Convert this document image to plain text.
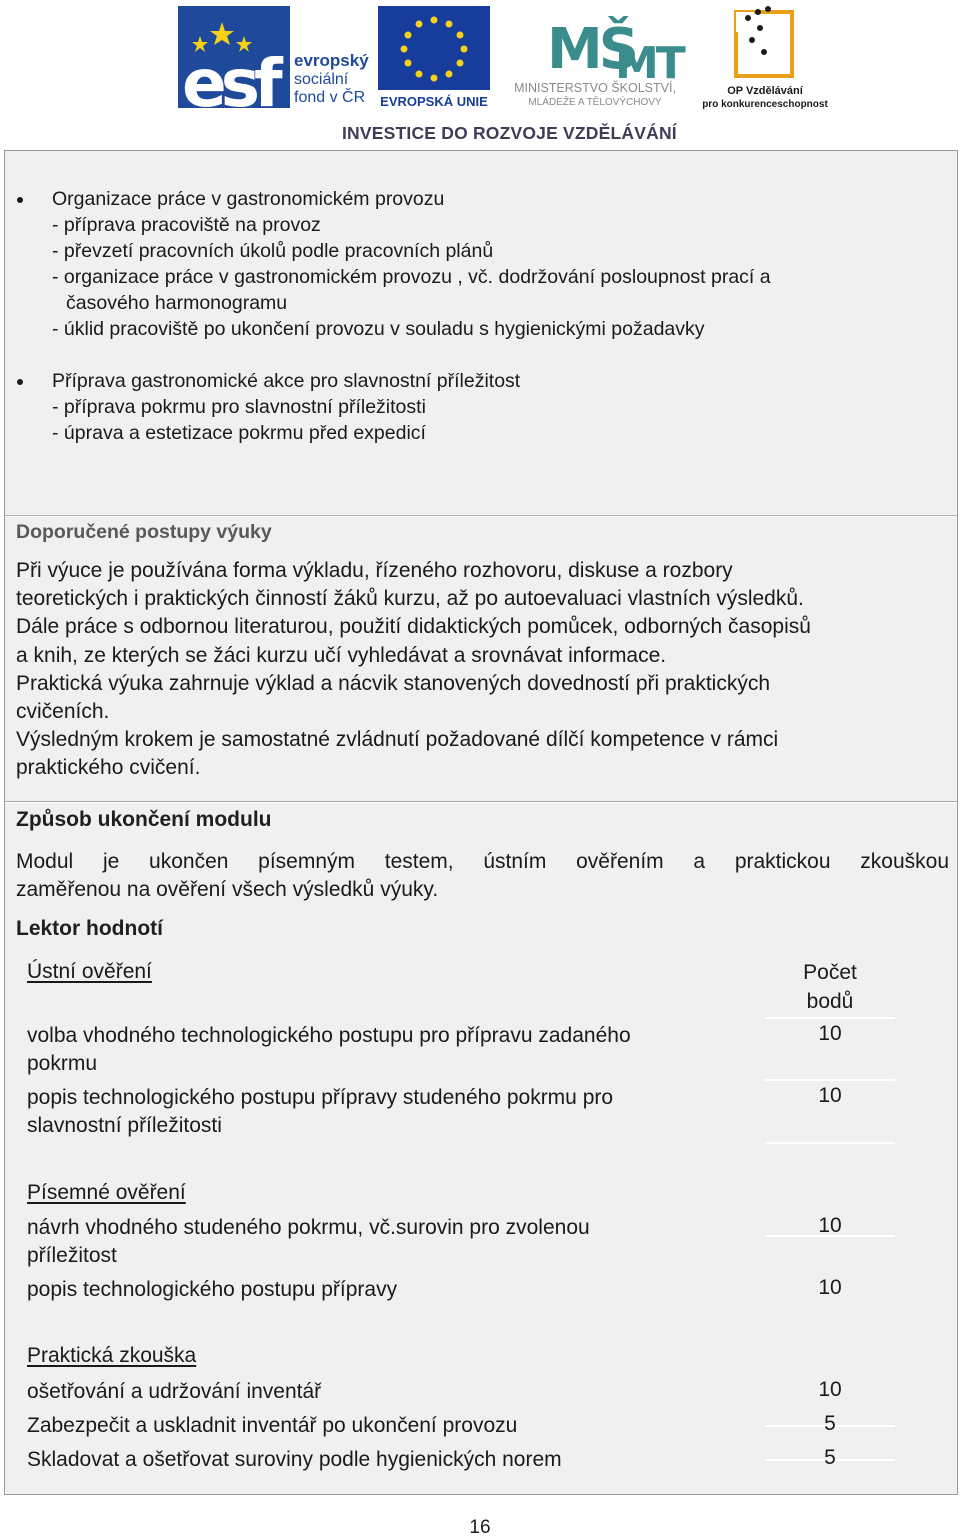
esf	evropský
sociální
fond v ČR EVROPSKÁ UNIE
MŠ
MT
MINISTERSTVO ŠKOLSTVÍ,
MLÁDEŽE A TĚLOVÝCHOVY
OP Vzdělávání
pro konkurenceschopnost
INVESTICE DO ROZVOJE VZDĚLÁVÁNÍ
Organizace práce v gastronomickém provozu
- příprava pracoviště na provoz
- převzetí pracovních úkolů podle pracovních plánů
- organizace práce v gastronomickém provozu , vč. dodržování posloupnost prací a
časového harmonogramu
- úklid pracoviště po ukončení provozu v souladu s hygienickými požadavky
Příprava gastronomické akce pro slavnostní příležitost
- příprava pokrmu pro slavnostní příležitosti
- úprava a estetizace pokrmu před expedicí
Doporučené postupy výuky
Při výuce je používána forma výkladu, řízeného rozhovoru, diskuse a rozbory
teoretických i praktických činností žáků kurzu, až po autoevaluaci vlastních výsledků.
Dále práce s odbornou literaturou, použití didaktických pomůcek, odborných časopisů
a knih, ze kterých se žáci kurzu učí vyhledávat a srovnávat informace.
Praktická výuka zahrnuje výklad a nácvik stanovených dovedností při praktických
cvičeních.
Výsledným krokem je samostatné zvládnutí požadované dílčí kompetence v rámci
praktického cvičení.
Způsob ukončení modulu
Modul je ukončen písemným testem, ústním ověřením a praktickou zkouškou
zaměřenou na ověření všech výsledků výuky.
Lektor hodnotí
Počet
bodů
Ústní ověření
volba vhodného technologického postupu pro přípravu zadaného
pokrmu
10
popis technologického postupu přípravy studeného pokrmu pro
slavnostní příležitosti
10
Písemné ověření
návrh vhodného studeného pokrmu, vč.surovin pro zvolenou
příležitost
10
popis technologického postupu přípravy	10
Praktická zkouška
ošetřování a udržování inventář	10
Zabezpečit a uskladnit inventář po ukončení provozu	5
Skladovat a ošetřovat suroviny podle hygienických norem	5
16
